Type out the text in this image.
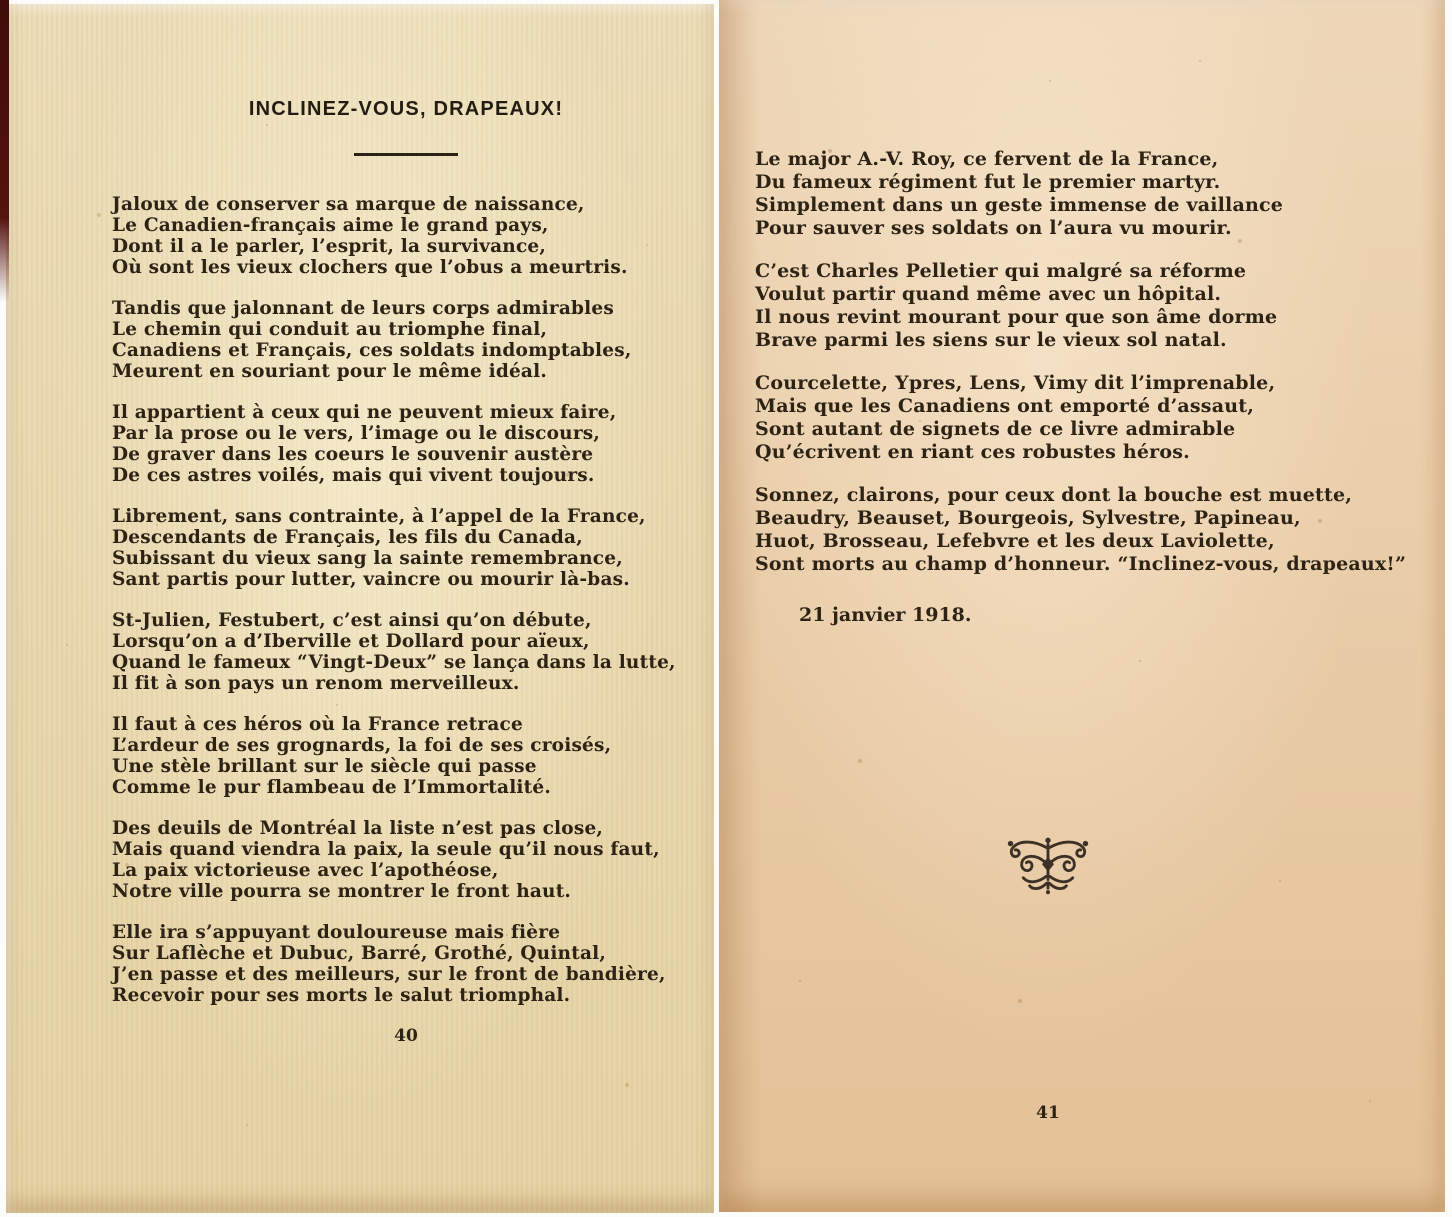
INCLINEZ-VOUS, DRAPEAUX!
Jaloux de conserver sa marque de naissance,
Le Canadien-français aime le grand pays,
Dont il a le parler, l’esprit, la survivance,
Où sont les vieux clochers que l’obus a meurtris.
Tandis que jalonnant de leurs corps admirables
Le chemin qui conduit au triomphe final,
Canadiens et Français, ces soldats indomptables,
Meurent en souriant pour le même idéal.
Il appartient à ceux qui ne peuvent mieux faire,
Par la prose ou le vers, l’image ou le discours,
De graver dans les coeurs le souvenir austère
De ces astres voilés, mais qui vivent toujours.
Librement, sans contrainte, à l’appel de la France,
Descendants de Français, les fils du Canada,
Subissant du vieux sang la sainte remembrance,
Sant partis pour lutter, vaincre ou mourir là-bas.
St-Julien, Festubert, c’est ainsi qu’on débute,
Lorsqu’on a d’Iberville et Dollard pour aïeux,
Quand le fameux “Vingt-Deux” se lança dans la lutte,
Il fit à son pays un renom merveilleux.
Il faut à ces héros où la France retrace
L’ardeur de ses grognards, la foi de ses croisés,
Une stèle brillant sur le siècle qui passe
Comme le pur flambeau de l’Immortalité.
Des deuils de Montréal la liste n’est pas close,
Mais quand viendra la paix, la seule qu’il nous faut,
La paix victorieuse avec l’apothéose,
Notre ville pourra se montrer le front haut.
Elle ira s’appuyant douloureuse mais fière
Sur Laflèche et Dubuc, Barré, Grothé, Quintal,
J’en passe et des meilleurs, sur le front de bandière,
Recevoir pour ses morts le salut triomphal.
40
Le major A.-V. Roy, ce fervent de la France,
Du fameux régiment fut le premier martyr.
Simplement dans un geste immense de vaillance
Pour sauver ses soldats on l’aura vu mourir.
C’est Charles Pelletier qui malgré sa réforme
Voulut partir quand même avec un hôpital.
Il nous revint mourant pour que son âme dorme
Brave parmi les siens sur le vieux sol natal.
Courcelette, Ypres, Lens, Vimy dit l’imprenable,
Mais que les Canadiens ont emporté d’assaut,
Sont autant de signets de ce livre admirable
Qu’écrivent en riant ces robustes héros.
Sonnez, clairons, pour ceux dont la bouche est muette,
Beaudry, Beauset, Bourgeois, Sylvestre, Papineau,
Huot, Brosseau, Lefebvre et les deux Laviolette,
Sont morts au champ d’honneur. “Inclinez-vous, drapeaux!”
21 janvier 1918.
41
